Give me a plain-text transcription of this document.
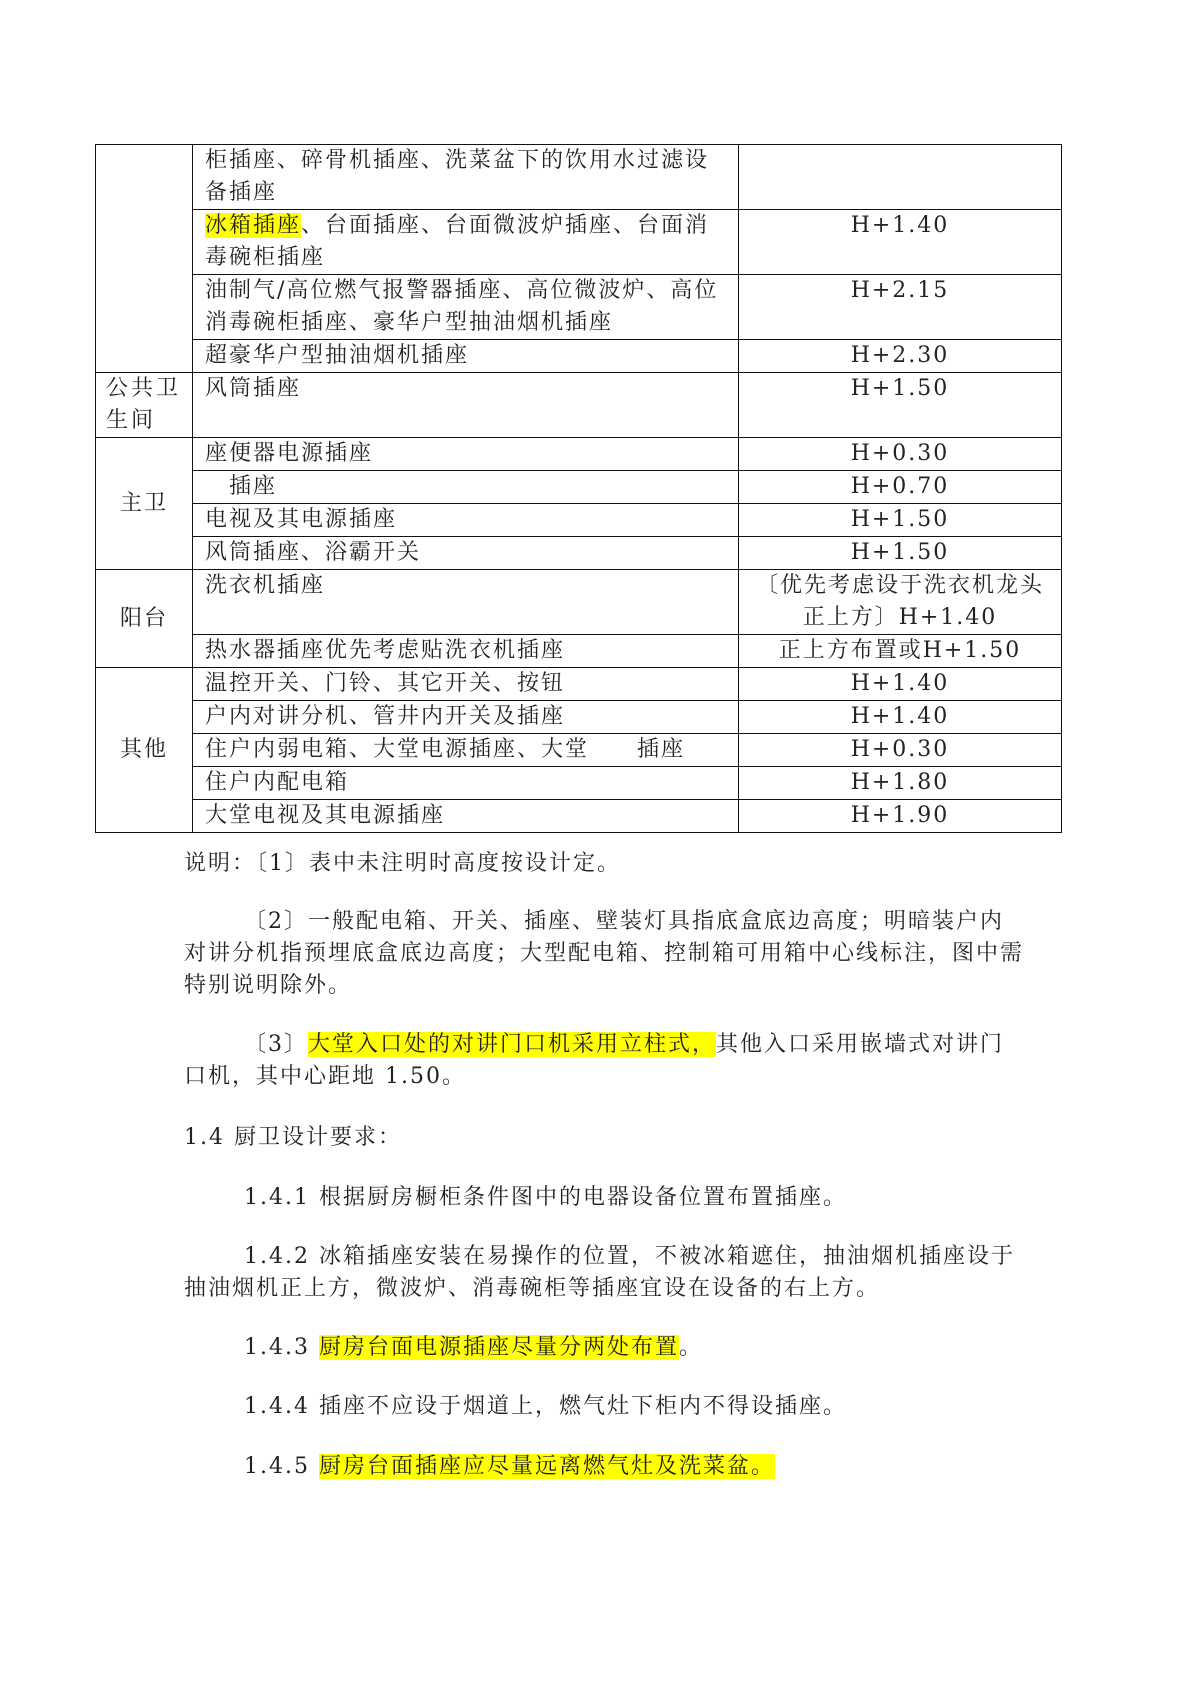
	柜插座、碎骨机插座、洗菜盆下的饮用水过滤设备插座	
	冰箱插座、台面插座、台面微波炉插座、台面消毒碗柜插座	H+1.40
	油制气/高位燃气报警器插座、高位微波炉、高位消毒碗柜插座、豪华户型抽油烟机插座	H+2.15
	超豪华户型抽油烟机插座	H+2.30
公共卫生间	风筒插座	H+1.50
主卫	座便器电源插座	H+0.30
	插座	H+0.70
	电视及其电源插座	H+1.50
	风筒插座、浴霸开关	H+1.50
阳台	洗衣机插座	〔优先考虑设于洗衣机龙头正上方〕H+1.40
	热水器插座优先考虑贴洗衣机插座	正上方布置或H+1.50
其他	温控开关、门铃、其它开关、按钮	H+1.40
	户内对讲分机、管井内开关及插座	H+1.40
	住户内弱电箱、大堂电源插座、大堂　　插座	H+0.30
	住户内配电箱	H+1.80
	大堂电视及其电源插座	H+1.90

说明：〔1〕表中未注明时高度按设计定。

〔2〕一般配电箱、开关、插座、壁装灯具指底盒底边高度；明暗装户内对讲分机指预埋底盒底边高度；大型配电箱、控制箱可用箱中心线标注，图中需特别说明除外。

〔3〕大堂入口处的对讲门口机采用立柱式，其他入口采用嵌墙式对讲门口机，其中心距地 1.50。

1.4 厨卫设计要求：

1.4.1 根据厨房橱柜条件图中的电器设备位置布置插座。

1.4.2 冰箱插座安装在易操作的位置，不被冰箱遮住，抽油烟机插座设于抽油烟机正上方，微波炉、消毒碗柜等插座宜设在设备的右上方。

1.4.3 厨房台面电源插座尽量分两处布置。

1.4.4 插座不应设于烟道上，燃气灶下柜内不得设插座。

1.4.5 厨房台面插座应尽量远离燃气灶及洗菜盆。
